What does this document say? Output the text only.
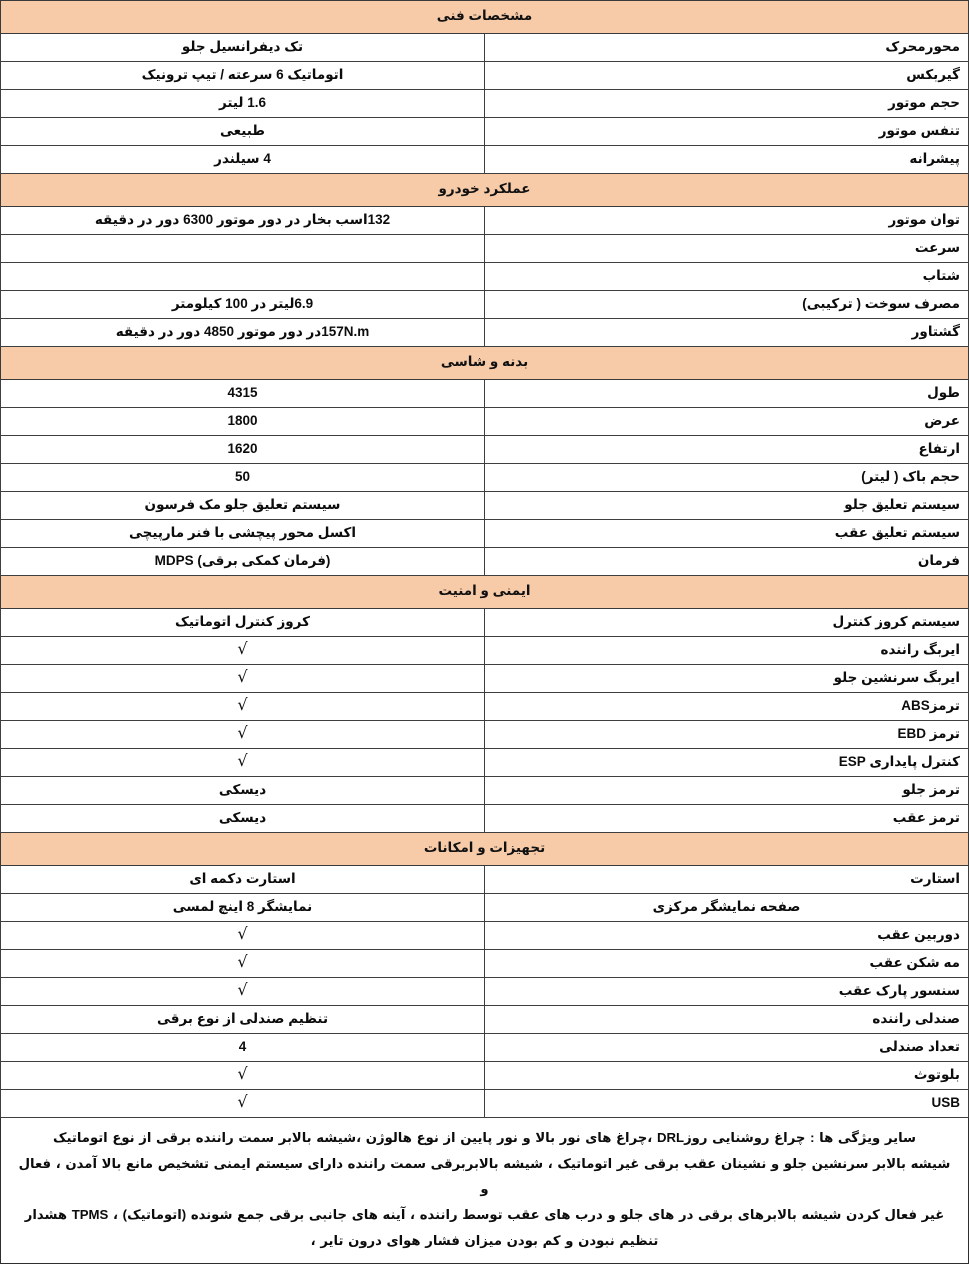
مشخصات فنی	
محورمحرک	تک دیفرانسیل جلو
گیربکس	اتوماتیک 6 سرعته / تیپ ترونیک
حجم موتور	1.6 لیتر
تنفس موتور	طبیعی
پیشرانه	4 سیلندر
عملکرد خودرو	
توان موتور	132اسب بخار در دور موتور 6300 دور در دقیقه
سرعت	
شتاب	
مصرف سوخت ( ترکیبی)	6.9لیتر در 100 کیلومتر
گشتاور	157N.mدر دور موتور 4850 دور در دقیقه
بدنه و شاسی	
طول	4315
عرض	1800
ارتفاع	1620
حجم باک ( لیتر)	50
سیستم تعلیق جلو	سیستم تعلیق جلو مک فرسون
سیستم تعلیق عقب	اکسل محور پیچشی با فنر مارپیچی
فرمان	(فرمان کمکی برقی) MDPS
ایمنی و امنیت	
سیستم کروز کنترل	کروز کنترل اتوماتیک
ایربگ راننده	√
ایربگ سرنشین جلو	√
ترمزABS	√
ترمز EBD	√
کنترل پایداری ESP	√
ترمز جلو	دیسکی
ترمز عقب	دیسکی
تجهیزات و امکانات	
استارت	استارت دکمه ای
صفحه نمایشگر مرکزی	نمایشگر 8 اینچ لمسی
دوربین عقب	√
مه شکن عقب	√
سنسور پارک عقب	√
صندلی راننده	تنظیم صندلی از نوع برقی
تعداد صندلی	4
بلوتوث	√
USB	√

سایر ویژگی ها : چراغ روشنایی روزDRL ،چراغ های نور بالا و نور پایین از نوع هالوژن ،شیشه بالابر سمت راننده برقی از نوع اتوماتیک
شیشه بالابر سرنشین جلو و نشینان عقب برقی غیر اتوماتیک ، شیشه بالابربرقی سمت راننده دارای سیستم ایمنی تشخیص مانع بالا آمدن ، فعال و
غیر فعال کردن شیشه بالابرهای برقی در های جلو و درب های عقب توسط راننده ، آینه های جانبی برقی جمع شونده (اتوماتیک) ، TPMS هشدار
تنظیم نبودن و کم بودن میزان فشار هوای درون تایر ،	
